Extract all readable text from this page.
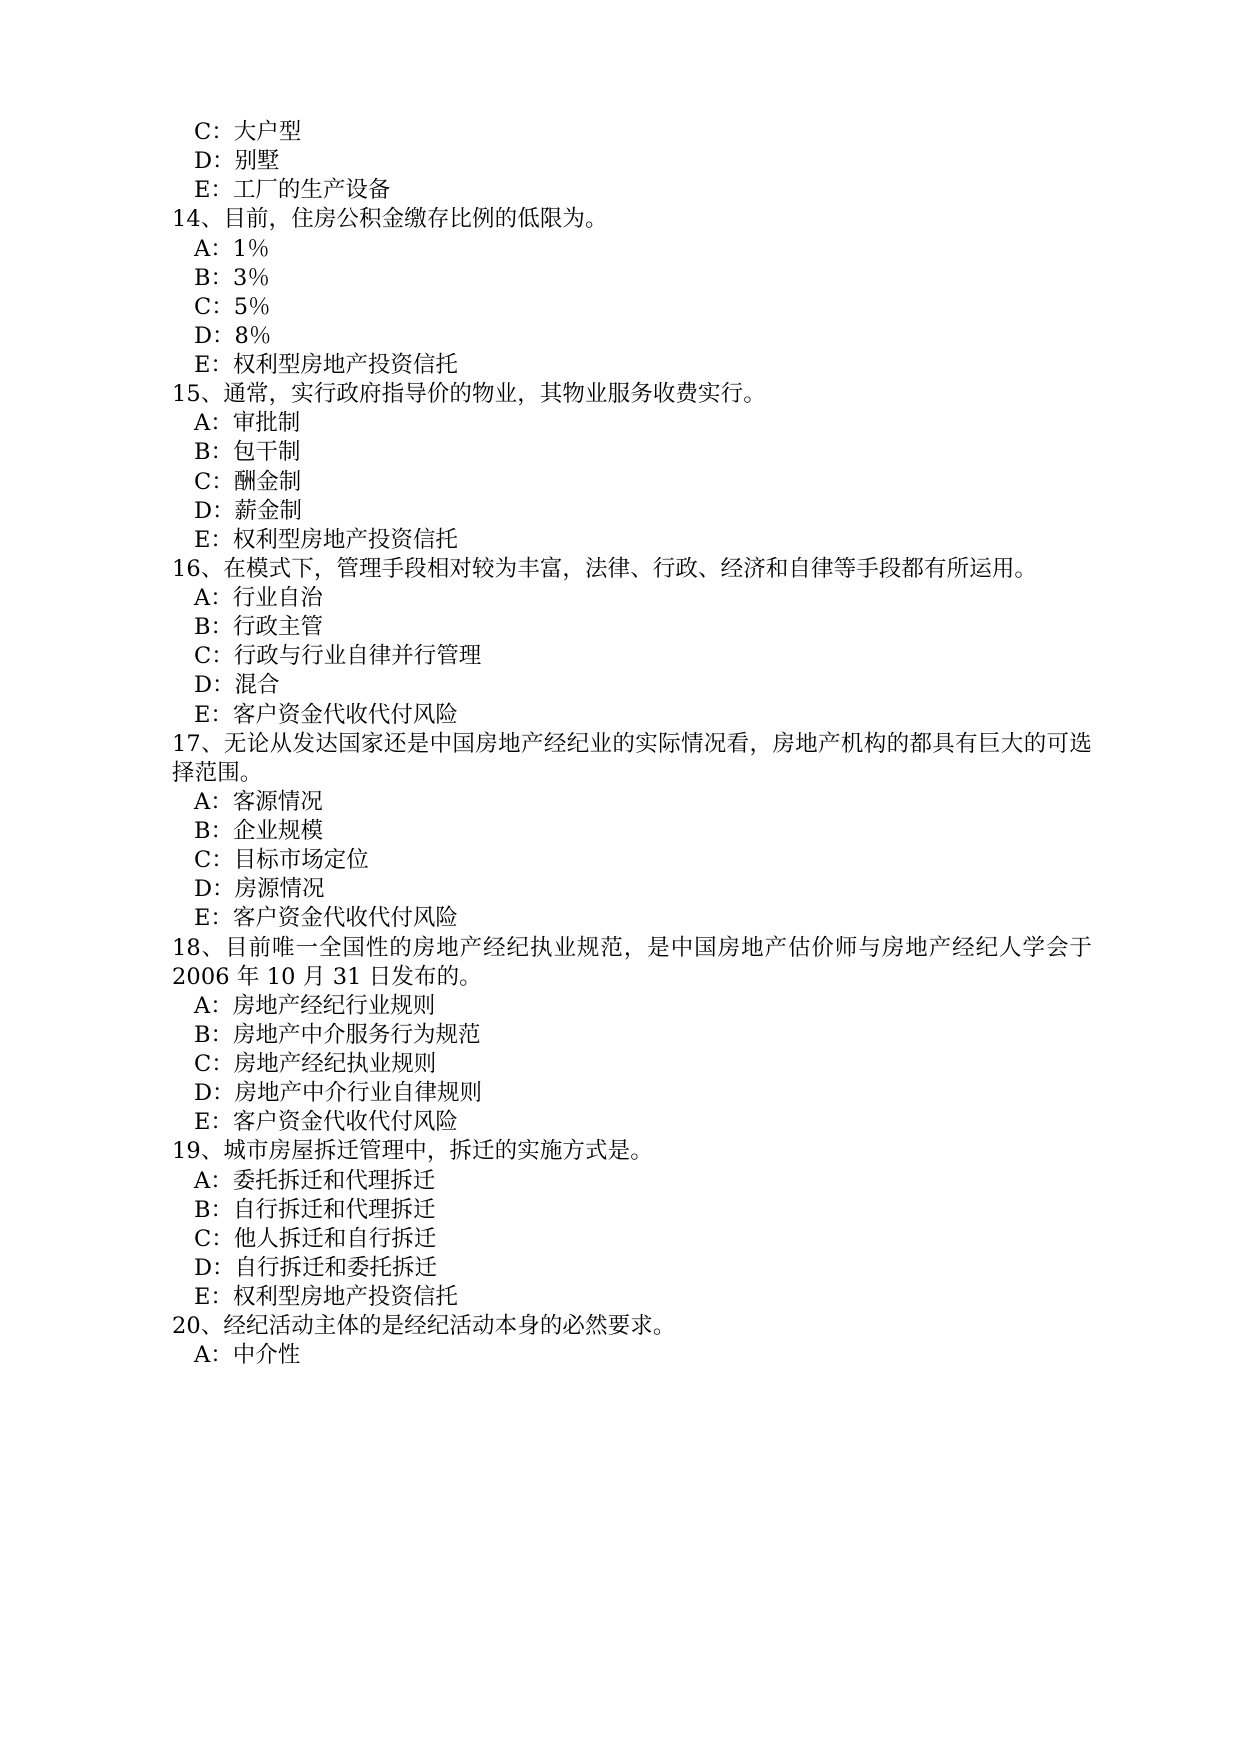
C：大户型

D：别墅

E：工厂的生产设备

14、目前，住房公积金缴存比例的低限为。

A：1％

B：3％

C：5％

D：8％

E：权利型房地产投资信托

15、通常，实行政府指导价的物业，其物业服务收费实行。

A：审批制

B：包干制

C：酬金制

D：薪金制

E：权利型房地产投资信托

16、在模式下，管理手段相对较为丰富，法律、行政、经济和自律等手段都有所运用。

A：行业自治

B：行政主管

C：行政与行业自律并行管理

D：混合

E：客户资金代收代付风险

17、无论从发达国家还是中国房地产经纪业的实际情况看，房地产机构的都具有巨大的可选择范围。

A：客源情况

B：企业规模

C：目标市场定位

D：房源情况

E：客户资金代收代付风险

18、目前唯一全国性的房地产经纪执业规范，是中国房地产估价师与房地产经纪人学会于 2006 年 10 月 31 日发布的。

A：房地产经纪行业规则

B：房地产中介服务行为规范

C：房地产经纪执业规则

D：房地产中介行业自律规则

E：客户资金代收代付风险

19、城市房屋拆迁管理中，拆迁的实施方式是。

A：委托拆迁和代理拆迁

B：自行拆迁和代理拆迁

C：他人拆迁和自行拆迁

D：自行拆迁和委托拆迁

E：权利型房地产投资信托

20、经纪活动主体的是经纪活动本身的必然要求。

A：中介性
